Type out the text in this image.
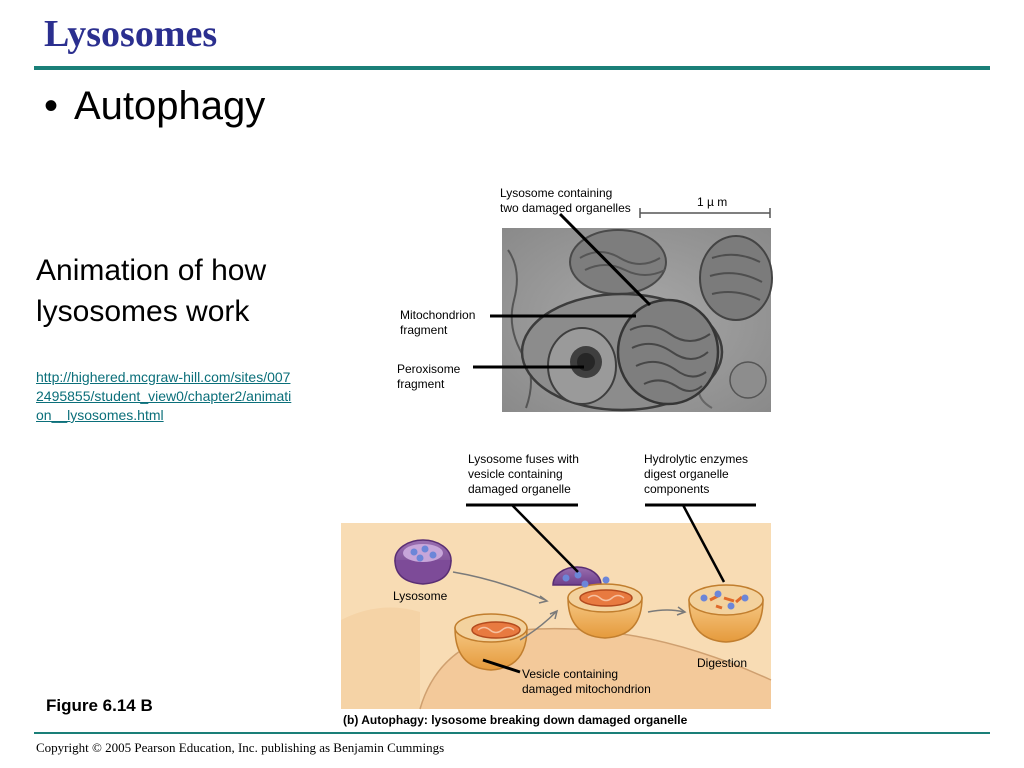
Lysosomes
• Autophagy
Animation of how lysosomes work
http://highered.mcgraw-hill.com/sites/0072495855/student_view0/chapter2/animation__lysosomes.html
Lysosome containing
two damaged organelles	1 µ m
Mitochondrion
fragment
Peroxisome
fragment
Lysosome fuses with
vesicle containing
damaged organelle
Hydrolytic enzymes
digest organelle
components
Lysosome
Digestion
Vesicle containing
damaged mitochondrion
(b) Autophagy: lysosome breaking down damaged organelle
Figure 6.14 B
Copyright © 2005 Pearson Education, Inc. publishing as Benjamin Cummings
